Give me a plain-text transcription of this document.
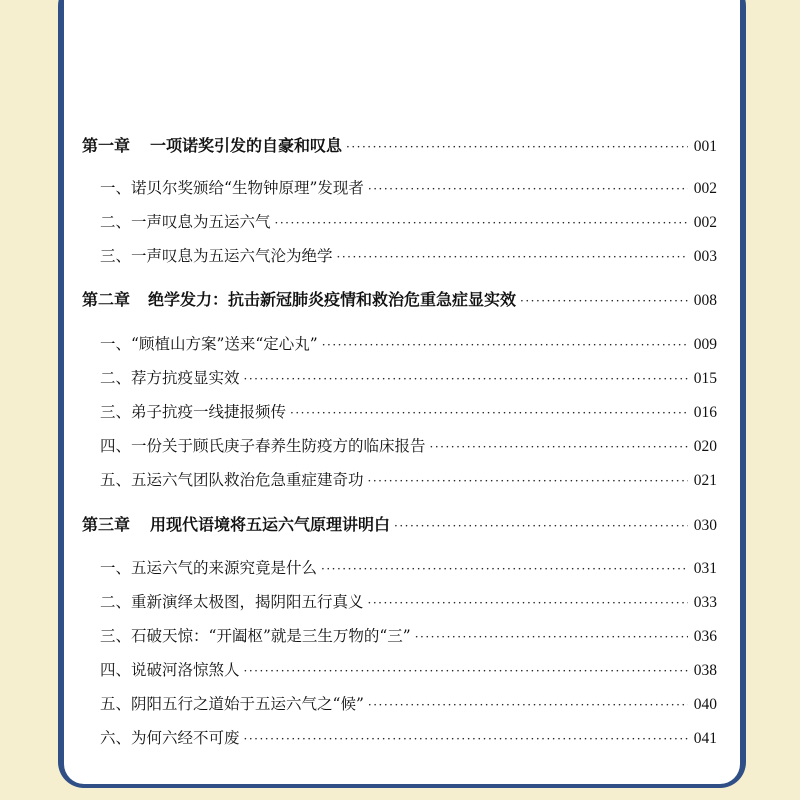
第一章 一项诺奖引发的自豪和叹息 ·····	001
一、 诺贝尔奖颁给“生物钟原理”发现者 ·····	002
二、 一声叹息为五运六气 ·····	002
三、 一声叹息为五运六气沦为绝学 ·····	003
第二章 绝学发力：抗击新冠肺炎疫情和救治危重急症显实效 ·····	008
一、 “顾植山方案”送来“定心丸” ·····	009
二、 荐方抗疫显实效 ·····	015
三、 弟子抗疫一线捷报频传 ·····	016
四、 一份关于顾氏庚子春养生防疫方的临床报告 ·····	020
五、 五运六气团队救治危急重症建奇功 ·····	021
第三章 用现代语境将五运六气原理讲明白 ·····	030
一、 五运六气的来源究竟是什么 ·····	031
二、 重新演绎太极图，揭阴阳五行真义 ·····	033
三、 石破天惊：“开阖枢”就是三生万物的“三” ·····	036
四、 说破河洛惊煞人 ·····	038
五、 阴阳五行之道始于五运六气之“候” ·····	040
六、 为何六经不可废 ·····	041
